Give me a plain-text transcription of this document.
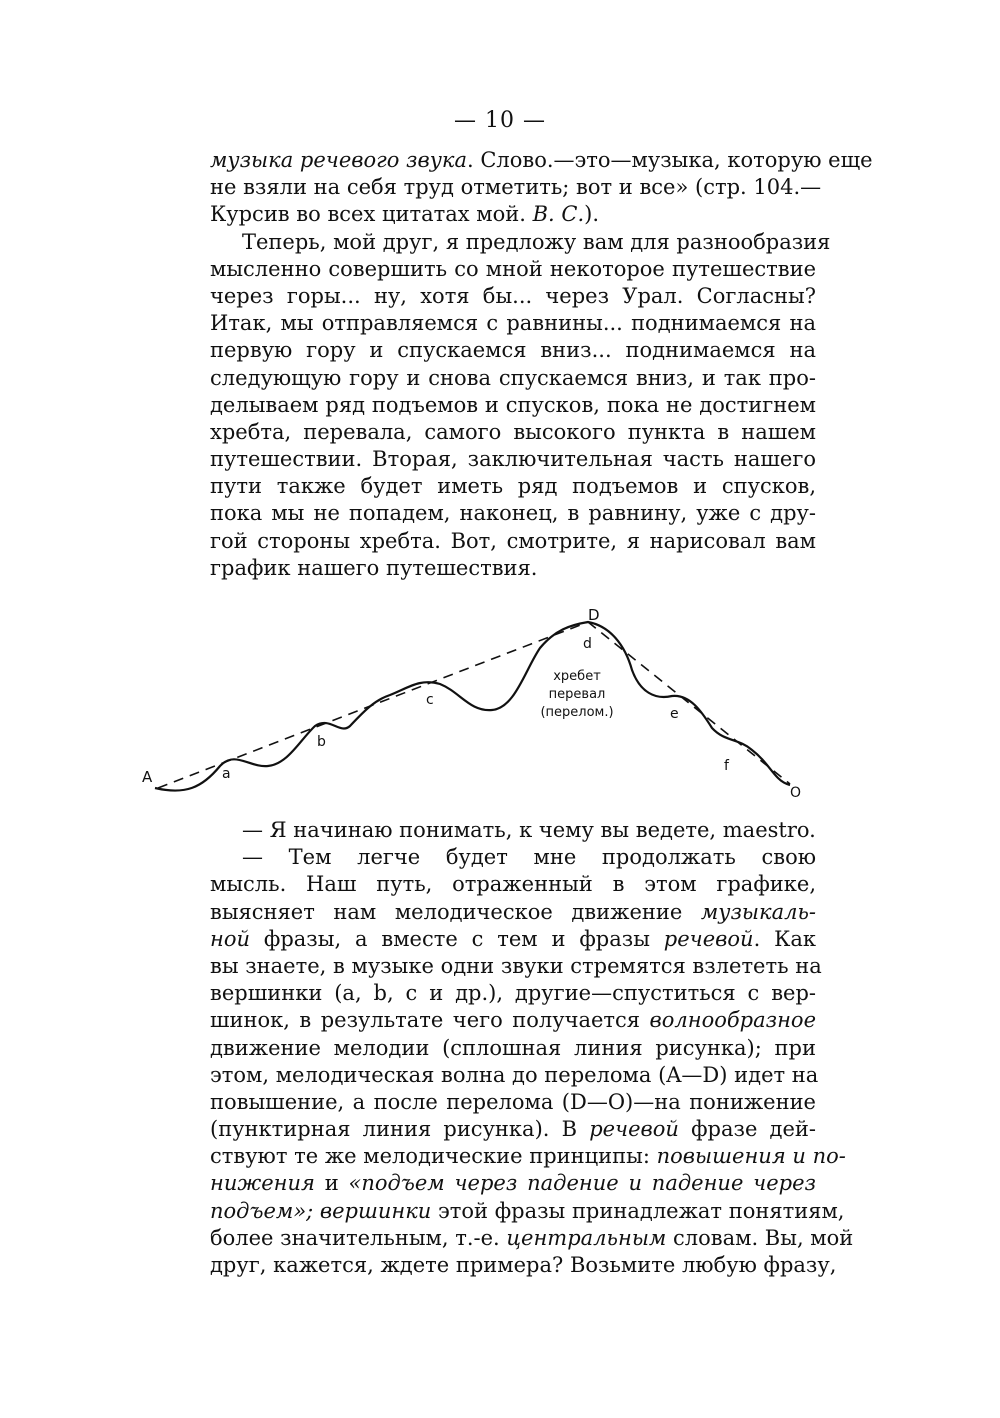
— 10 —
музыка речевого звука. Слово.—это—музыка, которую еще
не взяли на себя труд отметить; вот и все» (стр. 104.—
Курсив во всех цитатах мой. В. С.).
Теперь, мой друг, я предложу вам для разнообразия
мысленно совершить со мной некоторое путешествие
через горы... ну, хотя бы... через Урал. Согласны?
Итак, мы отправляемся с равнины... поднимаемся на
первую гору и спускаемся вниз... поднимаемся на
следующую гору и снова спускаемся вниз, и так про-
делываем ряд подъемов и спусков, пока не достигнем
хребта, перевала, самого высокого пункта в нашем
путешествии. Вторая, заключительная часть нашего
пути также будет иметь ряд подъемов и спусков,
пока мы не попадем, наконец, в равнину, уже с дру-
гой стороны хребта. Вот, смотрите, я нарисовал вам
график нашего путешествия.
A	a
b
c
D
d
e
f
O
хребет
перевал
(перелом.)
— Я начинаю понимать, к чему вы ведете, maestro.
— Тем легче будет мне продолжать свою
мысль. Наш путь, отраженный в этом графике,
выясняет нам мелодическое движение музыкаль-
ной фразы, а вместе с тем и фразы речевой. Как
вы знаете, в музыке одни звуки стремятся взлететь на
вершинки (a, b, c и др.), другие—спуститься с вер-
шинок, в результате чего получается волнообразное
движение мелодии (сплошная линия рисунка); при
этом, мелодическая волна до перелома (A—D) идет на
повышение, а после перелома (D—O)—на понижение
(пунктирная линия рисунка). В речевой фразе дей-
ствуют те же мелодические принципы: повышения и по-
нижения и «подъем через падение и падение через
подъем»; вершинки этой фразы принадлежат понятиям,
более значительным, т.-е. центральным словам. Вы, мой
друг, кажется, ждете примера? Возьмите любую фразу,
